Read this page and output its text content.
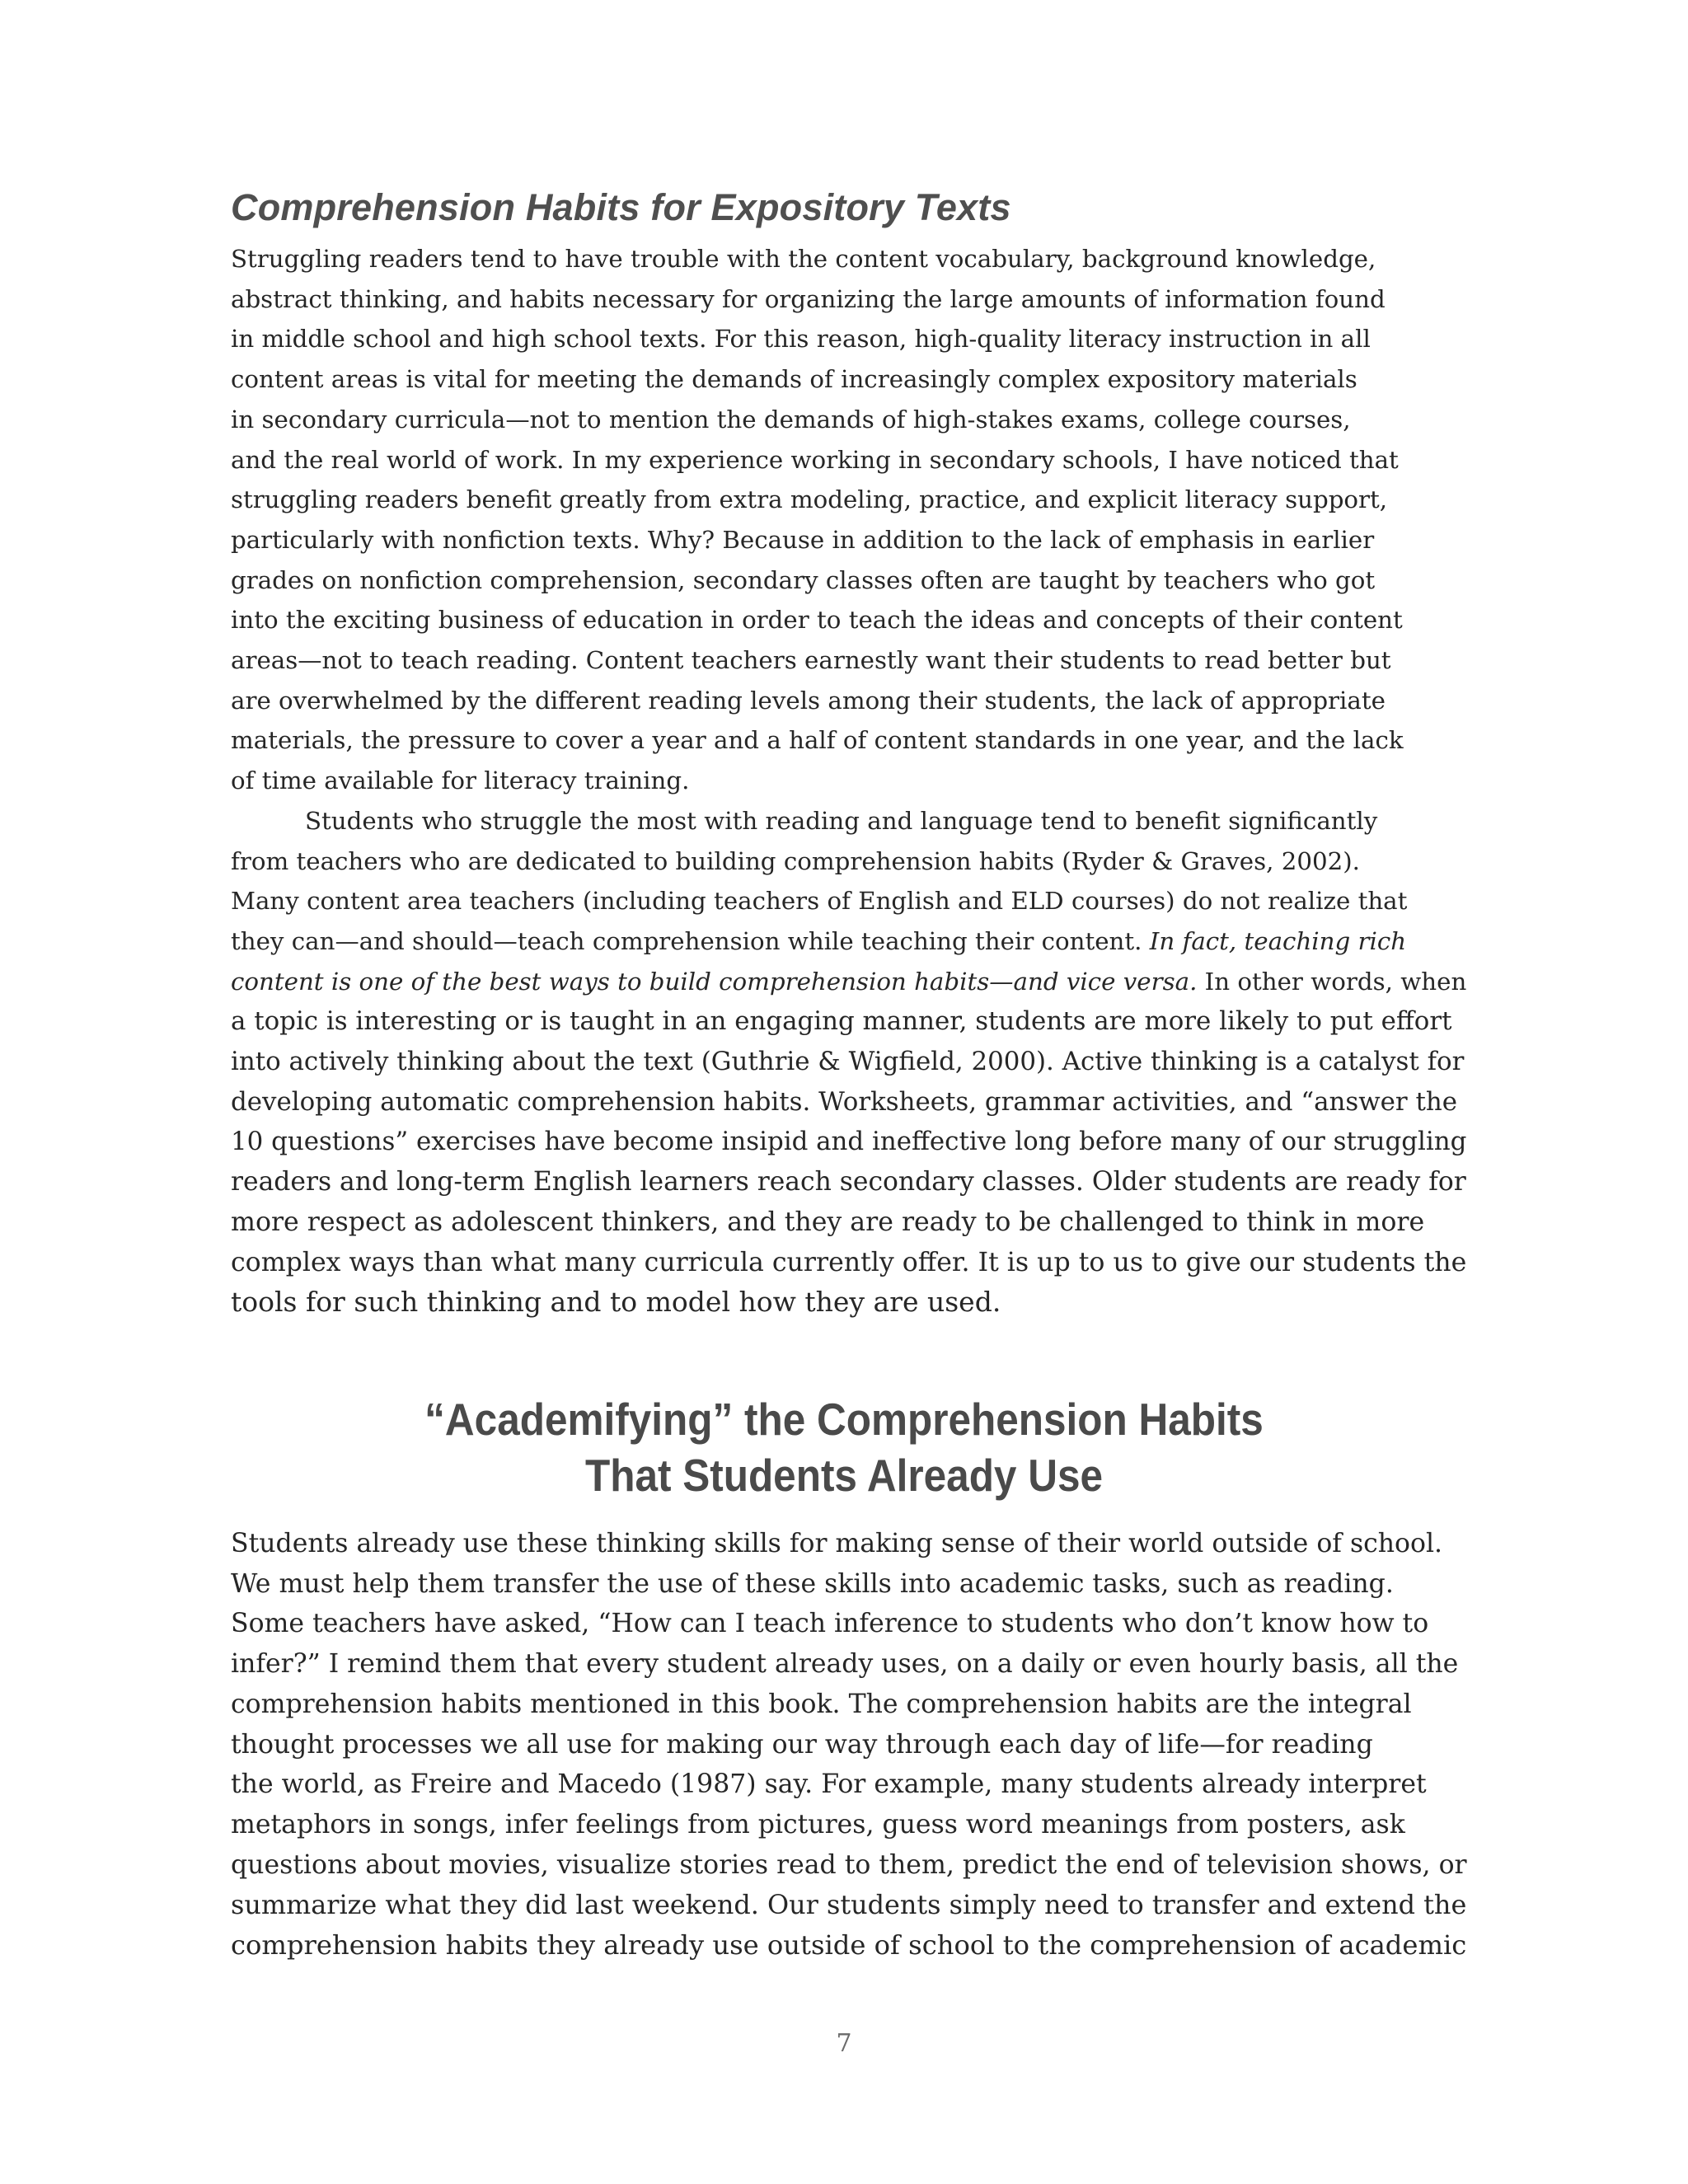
Comprehension Habits for Expository Texts
Struggling readers tend to have trouble with the content vocabulary, background knowledge,
abstract thinking, and habits necessary for organizing the large amounts of information found
in middle school and high school texts. For this reason, high-quality literacy instruction in all
content areas is vital for meeting the demands of increasingly complex expository materials
in secondary curricula—not to mention the demands of high-stakes exams, college courses,
and the real world of work. In my experience working in secondary schools, I have noticed that
struggling readers benefit greatly from extra modeling, practice, and explicit literacy support,
particularly with nonfiction texts. Why? Because in addition to the lack of emphasis in earlier
grades on nonfiction comprehension, secondary classes often are taught by teachers who got
into the exciting business of education in order to teach the ideas and concepts of their content
areas—not to teach reading. Content teachers earnestly want their students to read better but
are overwhelmed by the different reading levels among their students, the lack of appropriate
materials, the pressure to cover a year and a half of content standards in one year, and the lack
of time available for literacy training.
Students who struggle the most with reading and language tend to benefit significantly
from teachers who are dedicated to building comprehension habits (Ryder & Graves, 2002).
Many content area teachers (including teachers of English and ELD courses) do not realize that
they can—and should—teach comprehension while teaching their content. In fact, teaching rich
content is one of the best ways to build comprehension habits—and vice versa. In other words, when
a topic is interesting or is taught in an engaging manner, students are more likely to put effort
into actively thinking about the text (Guthrie & Wigfield, 2000). Active thinking is a catalyst for
developing automatic comprehension habits. Worksheets, grammar activities, and “answer the
10 questions” exercises have become insipid and ineffective long before many of our struggling
readers and long-term English learners reach secondary classes. Older students are ready for
more respect as adolescent thinkers, and they are ready to be challenged to think in more
complex ways than what many curricula currently offer. It is up to us to give our students the
tools for such thinking and to model how they are used.
“Academifying” the Comprehension Habits
That Students Already Use
Students already use these thinking skills for making sense of their world outside of school.
We must help them transfer the use of these skills into academic tasks, such as reading.
Some teachers have asked, “How can I teach inference to students who don’t know how to
infer?” I remind them that every student already uses, on a daily or even hourly basis, all the
comprehension habits mentioned in this book. The comprehension habits are the integral
thought processes we all use for making our way through each day of life—for reading
the world, as Freire and Macedo (1987) say. For example, many students already interpret
metaphors in songs, infer feelings from pictures, guess word meanings from posters, ask
questions about movies, visualize stories read to them, predict the end of television shows, or
summarize what they did last weekend. Our students simply need to transfer and extend the
comprehension habits they already use outside of school to the comprehension of academic
7
